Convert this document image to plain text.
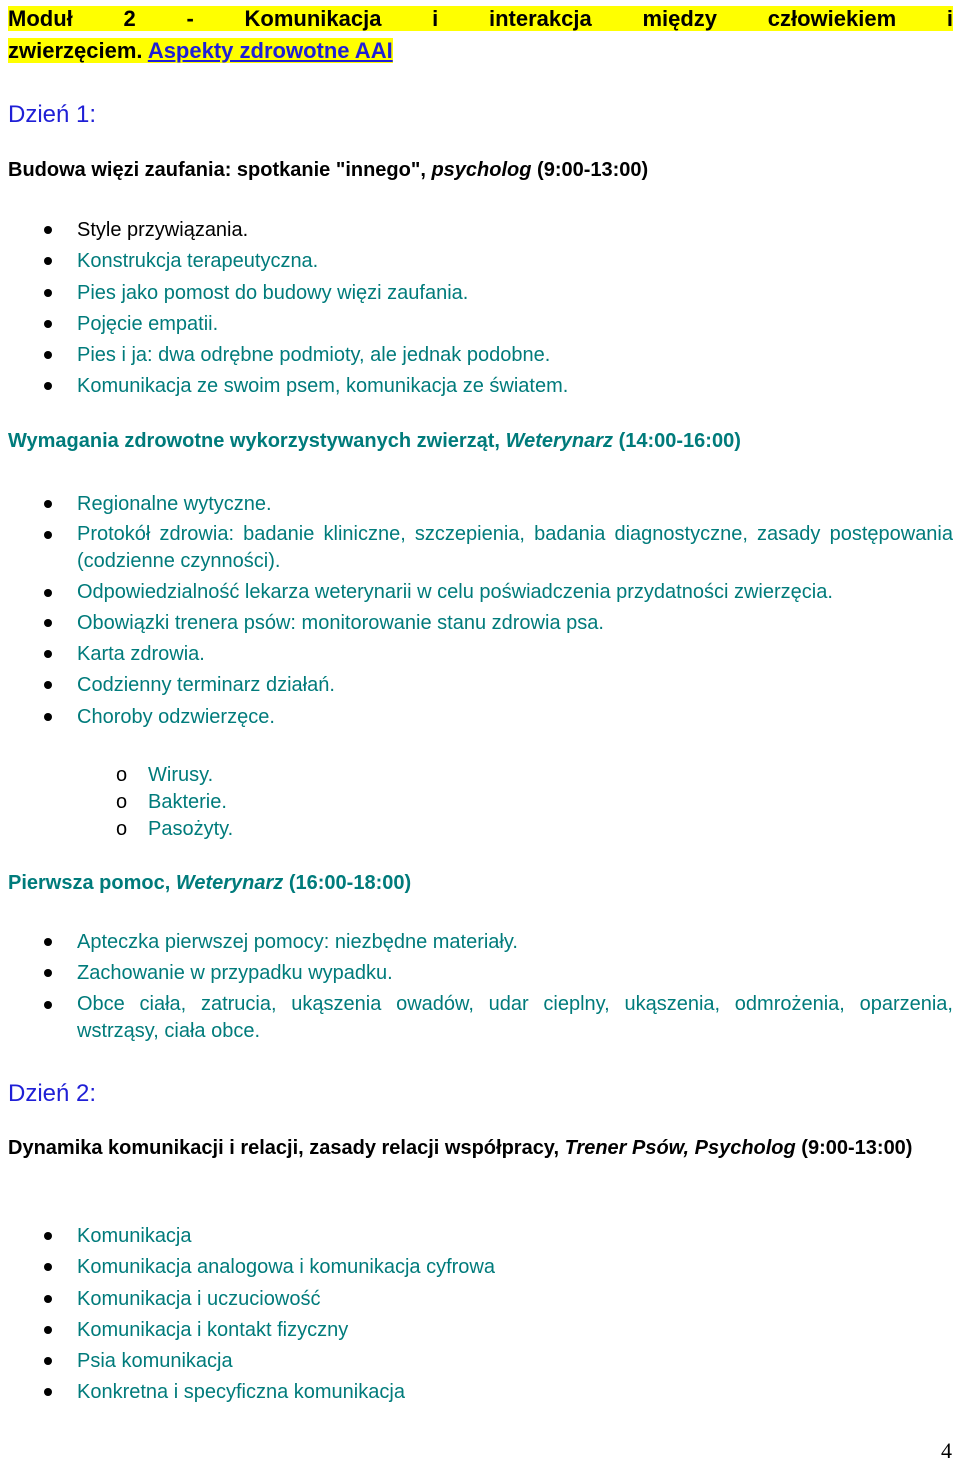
Moduł 2 - Komunikacja i interakcja między człowiekiem i
zwierzęciem. Aspekty zdrowotne AAI
Dzień 1:
Budowa więzi zaufania: spotkanie "innego", psycholog (9:00-13:00)
Style przywiązania.
Konstrukcja terapeutyczna.
Pies jako pomost do budowy więzi zaufania.
Pojęcie empatii.
Pies i ja: dwa odrębne podmioty, ale jednak podobne.
Komunikacja ze swoim psem, komunikacja ze światem.
Wymagania zdrowotne wykorzystywanych zwierząt, Weterynarz (14:00-16:00)
Regionalne wytyczne.
Protokół zdrowia: badanie kliniczne, szczepienia, badania diagnostyczne, zasady postępowania (codzienne czynności).
Odpowiedzialność lekarza weterynarii w celu poświadczenia przydatności zwierzęcia.
Obowiązki trenera psów: monitorowanie stanu zdrowia psa.
Karta zdrowia.
Codzienny terminarz działań.
Choroby odzwierzęce.
o Wirusy.
o Bakterie.
o Pasożyty.
Pierwsza pomoc, Weterynarz (16:00-18:00)
Apteczka pierwszej pomocy: niezbędne materiały.
Zachowanie w przypadku wypadku.
Obce ciała, zatrucia, ukąszenia owadów, udar cieplny, ukąszenia, odmrożenia, oparzenia, wstrząsy, ciała obce.
Dzień 2:
Dynamika komunikacji i relacji, zasady relacji współpracy, Trener Psów, Psycholog (9:00-13:00)
Komunikacja
Komunikacja analogowa i komunikacja cyfrowa
Komunikacja i uczuciowość
Komunikacja i kontakt fizyczny
Psia komunikacja
Konkretna i specyficzna komunikacja
4
